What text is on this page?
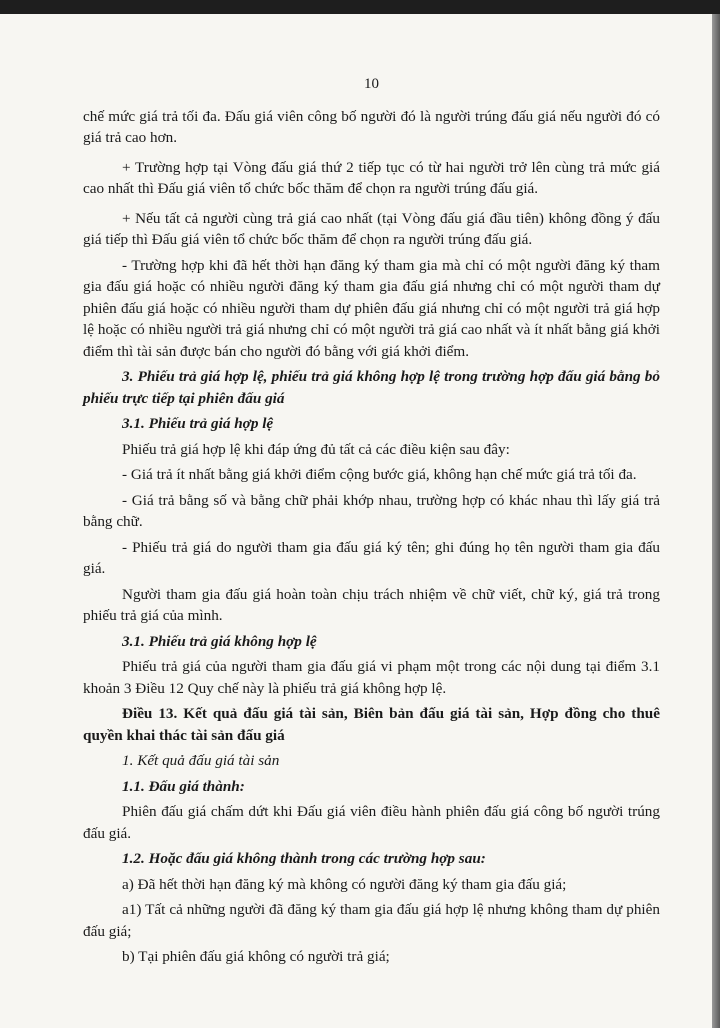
10

chế mức giá trả tối đa. Đấu giá viên công bố người đó là người trúng đấu giá nếu người đó có giá trả cao hơn.

+ Trường hợp tại Vòng đấu giá thứ 2 tiếp tục có từ hai người trở lên cùng trả mức giá cao nhất thì Đấu giá viên tổ chức bốc thăm để chọn ra người trúng đấu giá.

+ Nếu tất cả người cùng trả giá cao nhất (tại Vòng đấu giá đầu tiên) không đồng ý đấu giá tiếp thì Đấu giá viên tổ chức bốc thăm để chọn ra người trúng đấu giá.

- Trường hợp khi đã hết thời hạn đăng ký tham gia mà chỉ có một người đăng ký tham gia đấu giá hoặc có nhiều người đăng ký tham gia đấu giá nhưng chỉ có một người tham dự phiên đấu giá hoặc có nhiều người tham dự phiên đấu giá nhưng chỉ có một người trả giá hợp lệ hoặc có nhiều người trả giá nhưng chỉ có một người trả giá cao nhất và ít nhất bằng giá khởi điểm thì tài sản được bán cho người đó bằng với giá khởi điểm.

3. Phiếu trả giá hợp lệ, phiếu trả giá không hợp lệ trong trường hợp đấu giá bằng bỏ phiếu trực tiếp tại phiên đấu giá

3.1. Phiếu trả giá hợp lệ

Phiếu trả giá hợp lệ khi đáp ứng đủ tất cả các điều kiện sau đây:

- Giá trả ít nhất bằng giá khởi điểm cộng bước giá, không hạn chế mức giá trả tối đa.

- Giá trả bằng số và bằng chữ phải khớp nhau, trường hợp có khác nhau thì lấy giá trả bằng chữ.

- Phiếu trả giá do người tham gia đấu giá ký tên; ghi đúng họ tên người tham gia đấu giá.

Người tham gia đấu giá hoàn toàn chịu trách nhiệm về chữ viết, chữ ký, giá trả trong phiếu trả giá của mình.

3.1. Phiếu trả giá không hợp lệ

Phiếu trả giá của người tham gia đấu giá vi phạm một trong các nội dung tại điểm 3.1 khoản 3 Điều 12 Quy chế này là phiếu trả giá không hợp lệ.

Điều 13. Kết quả đấu giá tài sản, Biên bản đấu giá tài sản, Hợp đồng cho thuê quyền khai thác tài sản đấu giá

1. Kết quả đấu giá tài sản

1.1. Đấu giá thành:

Phiên đấu giá chấm dứt khi Đấu giá viên điều hành phiên đấu giá công bố người trúng đấu giá.

1.2. Hoặc đấu giá không thành trong các trường hợp sau:

a) Đã hết thời hạn đăng ký mà không có người đăng ký tham gia đấu giá;

a1) Tất cả những người đã đăng ký tham gia đấu giá hợp lệ nhưng không tham dự phiên đấu giá;

b) Tại phiên đấu giá không có người trả giá;
